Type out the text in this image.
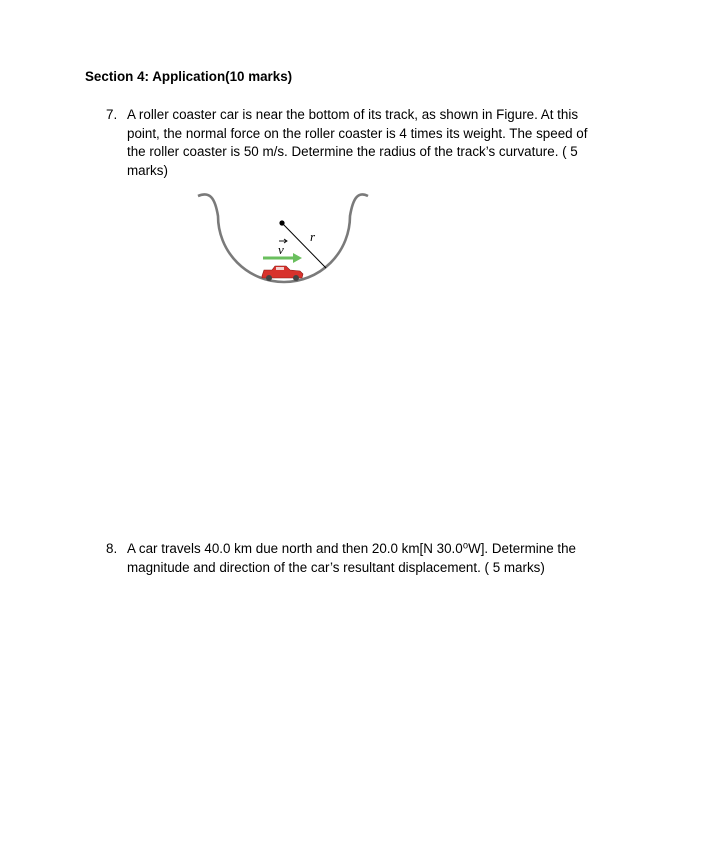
Section 4: Application(10 marks)
7. A roller coaster car is near the bottom of its track, as shown in Figure. At this
point, the normal force on the roller coaster is 4 times its weight. The speed of
the roller coaster is 50 m/s. Determine the radius of the track’s curvature. ( 5
marks)
r
v
8. A car travels 40.0 km due north and then 20.0 km[N 30.0⁰W]. Determine the
magnitude and direction of the car’s resultant displacement. ( 5 marks)
